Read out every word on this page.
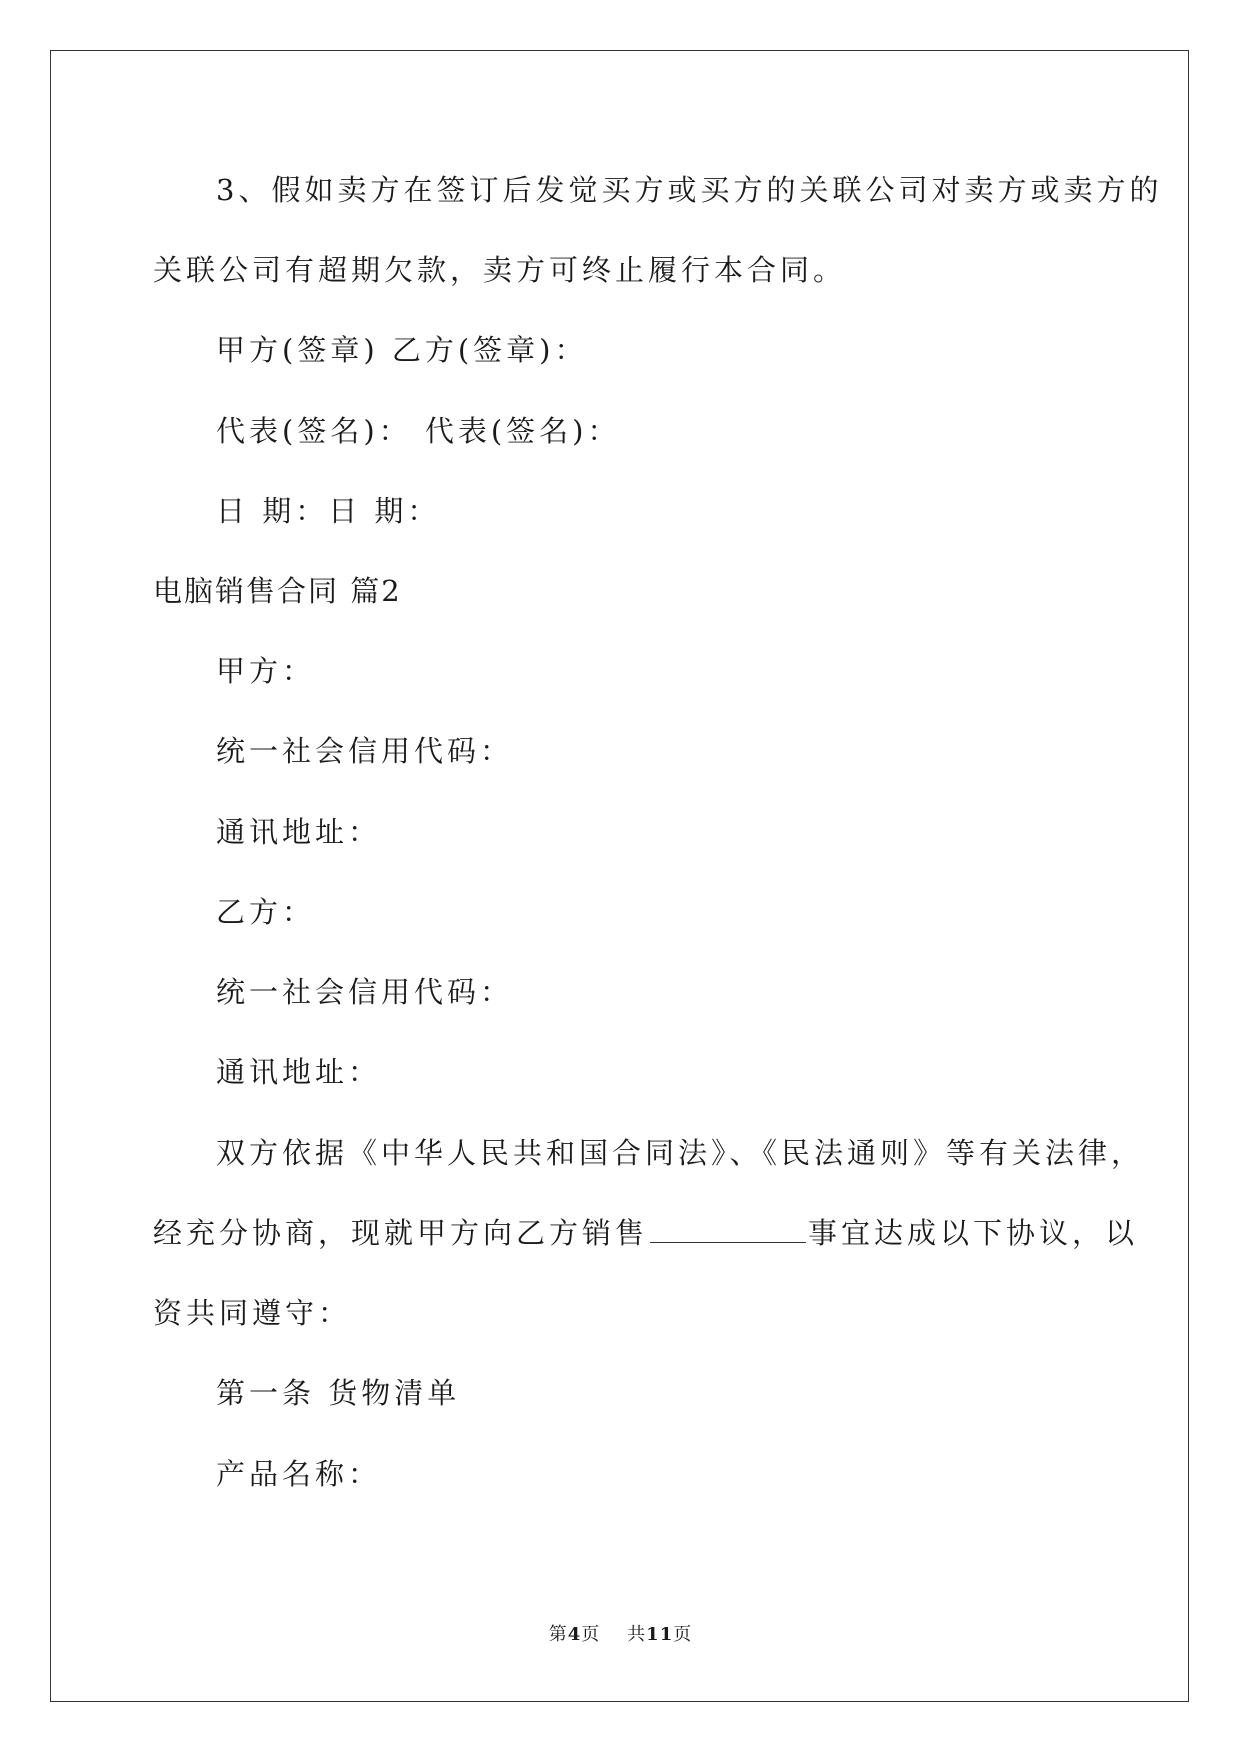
3、假如卖方在签订后发觉买方或买方的关联公司对卖方或卖方的
关联公司有超期欠款，卖方可终止履行本合同。
甲方(签章) 乙方(签章)：
代表(签名)： 代表(签名)：
日 期：日 期：
电脑销售合同 篇2
甲方：
统一社会信用代码：
通讯地址：
乙方：
统一社会信用代码：
通讯地址：
双方依据《中华人民共和国合同法》、《民法通则》等有关法律，
经充分协商，现就甲方向乙方销售	事宜达成以下协议，以
资共同遵守：
第一条 货物清单
产品名称：
第4页    共11页
